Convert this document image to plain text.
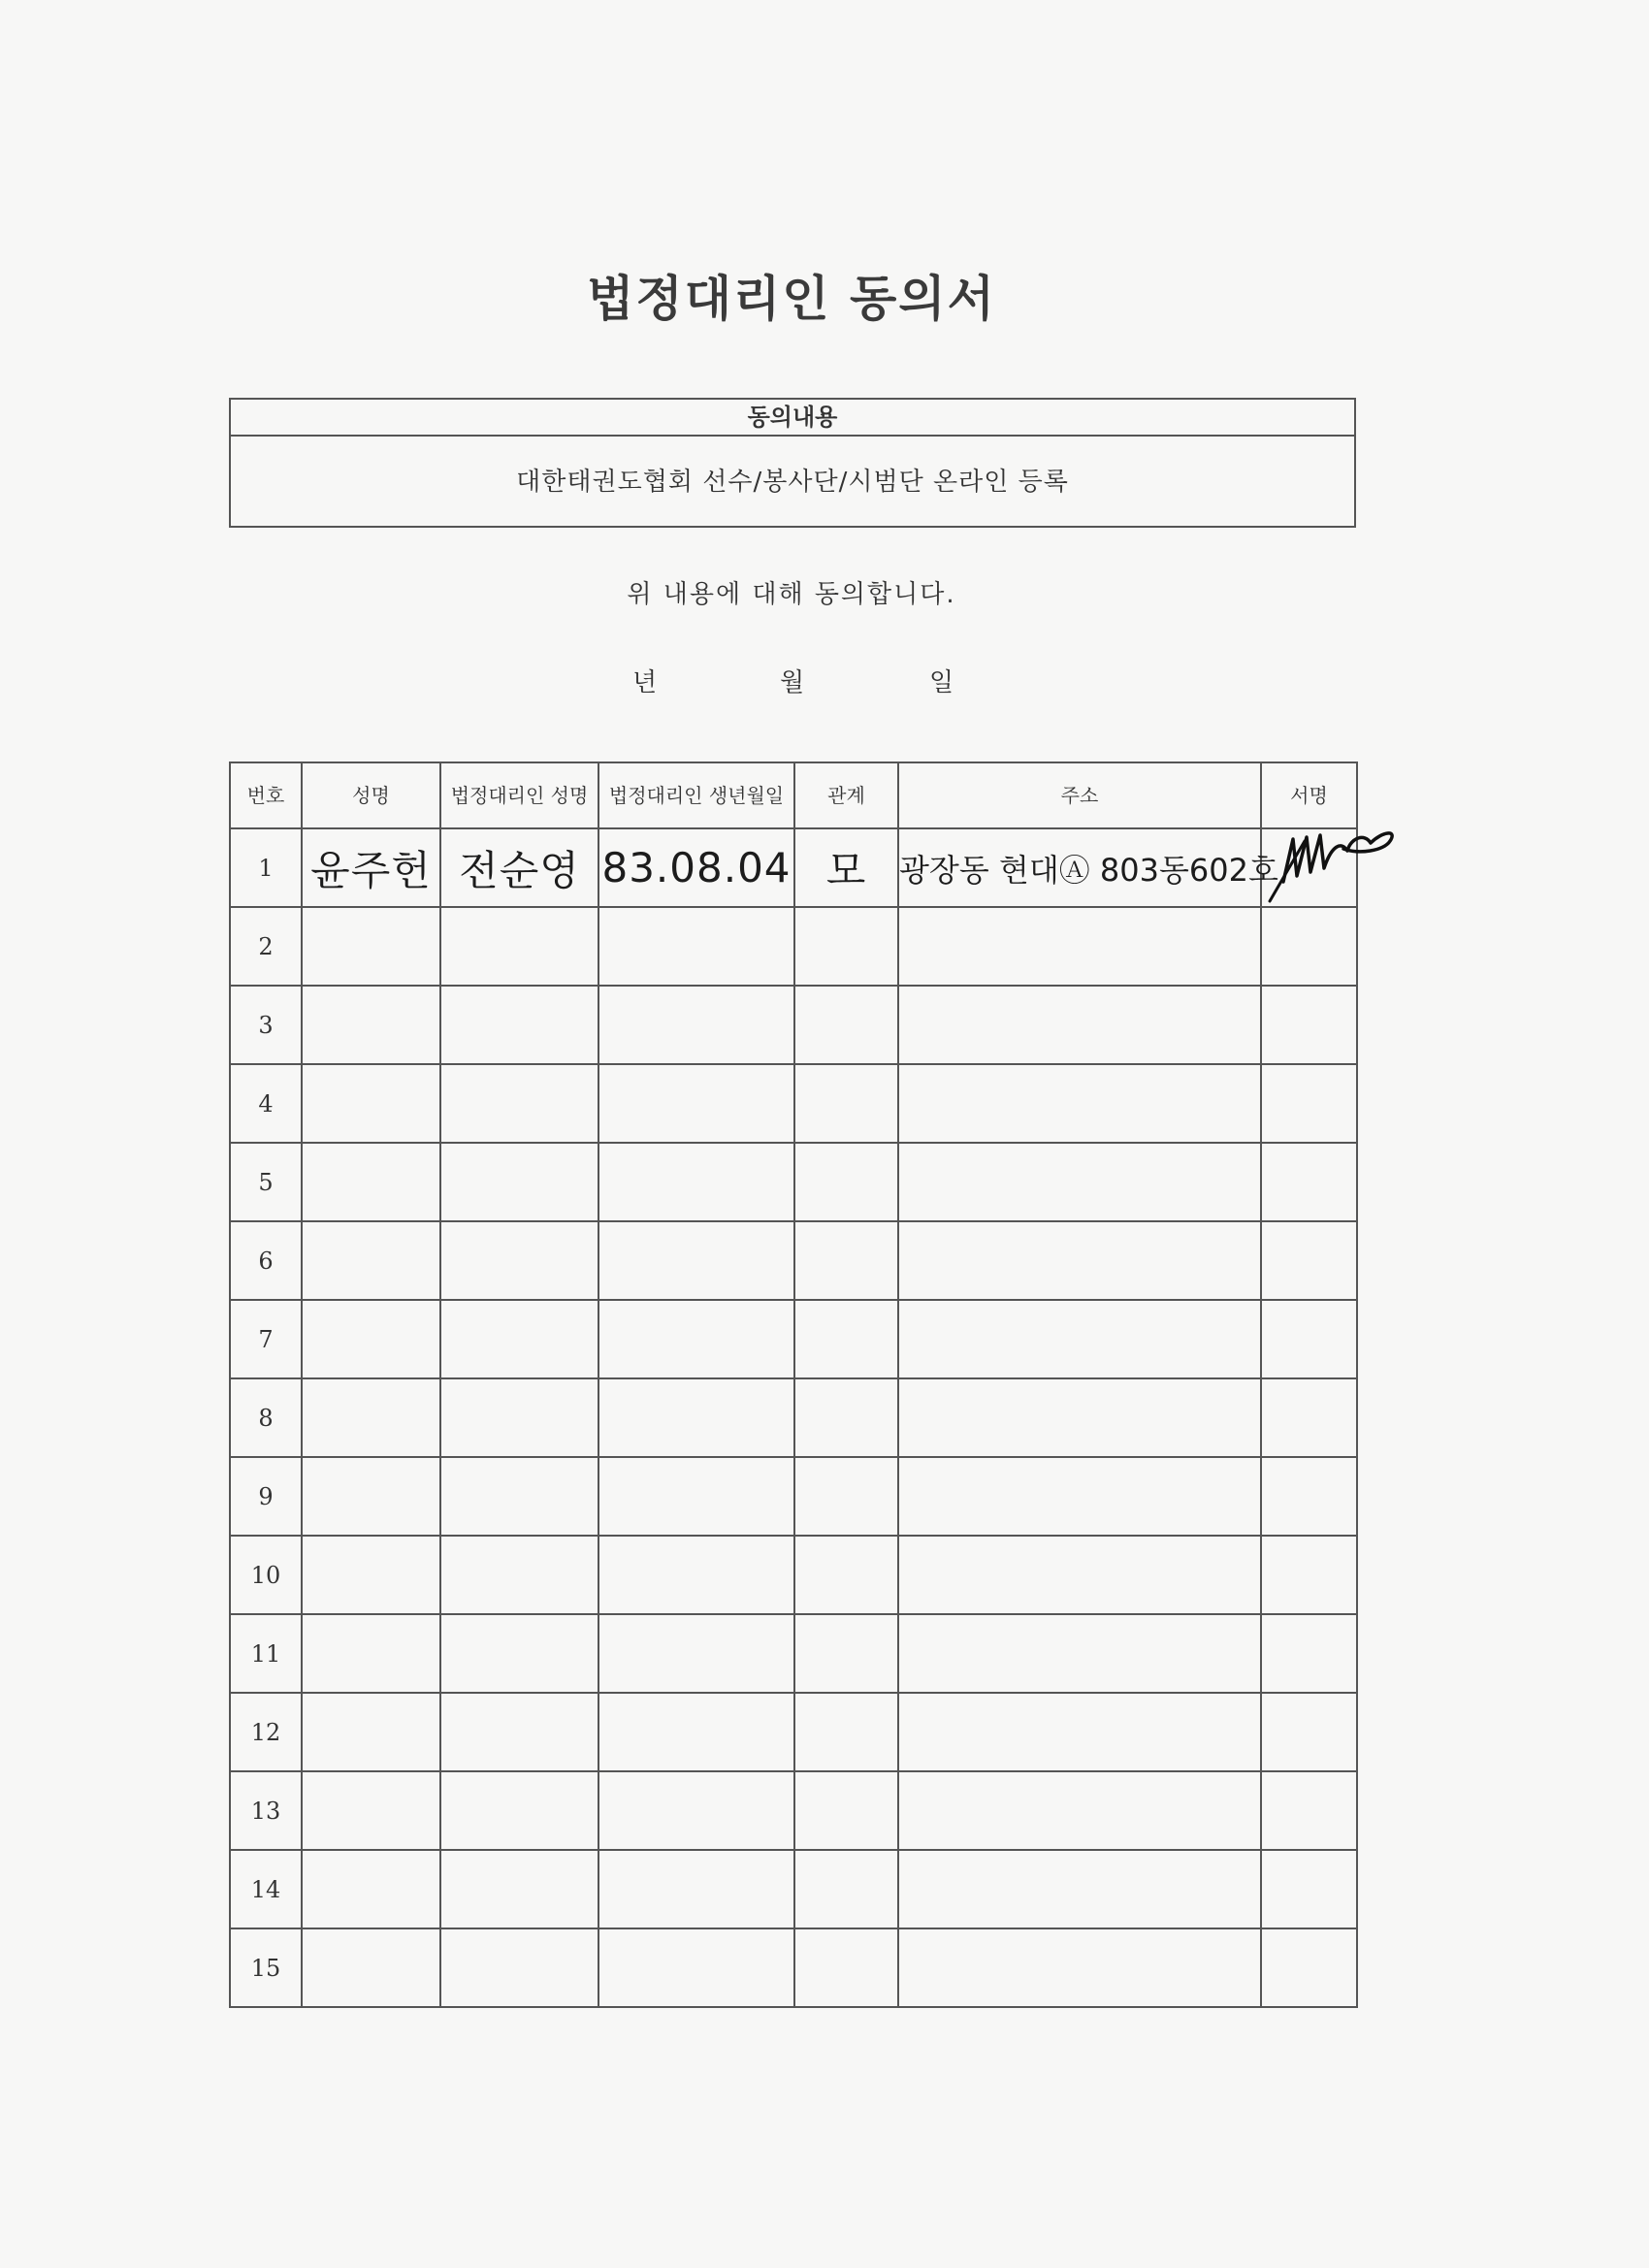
법정대리인 동의서
동의내용
대한태권도협회 선수/봉사단/시범단 온라인 등록
위 내용에 대해 동의합니다.
년	월	일
번호	성명	법정대리인 성명	법정대리인 생년월일	관계	주소	서명
1	윤주헌	전순영	83.08.04	모	광장동 현대Ⓐ 803동602호	

2						
3						
4						
5						
6						
7						
8						
9						
10						
11						
12						
13						
14						
15						
